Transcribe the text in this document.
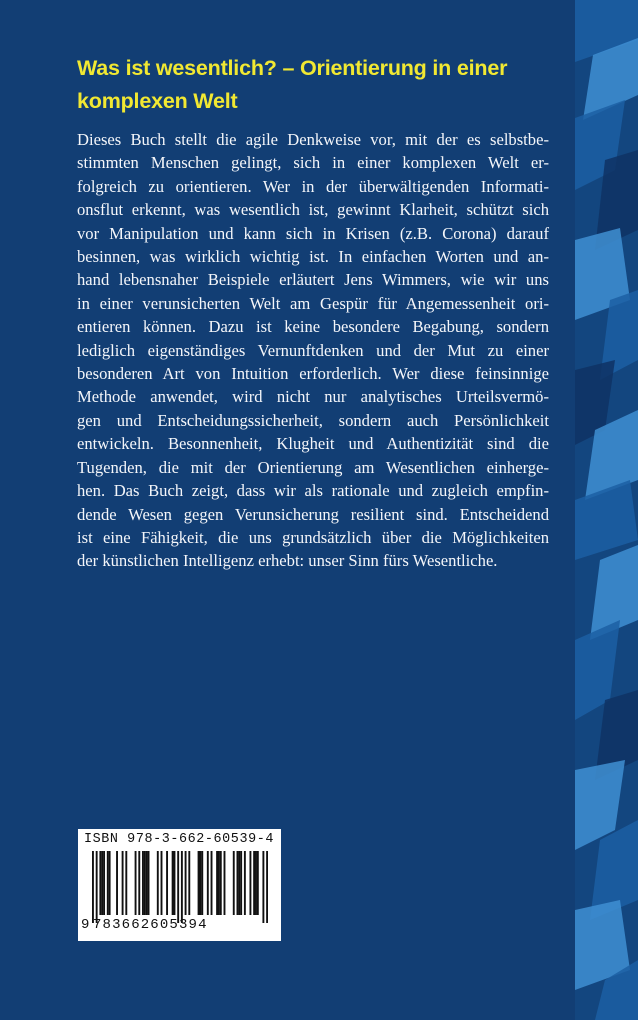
Was ist wesentlich? – Orientierung in einer
komplexen Welt
Dieses Buch stellt die agile Denkweise vor, mit der es selbstbe-
stimmten Menschen gelingt, sich in einer komplexen Welt er-
folgreich zu orientieren. Wer in der überwältigenden Informati-
onsflut erkennt, was wesentlich ist, gewinnt Klarheit, schützt sich
vor Manipulation und kann sich in Krisen (z.B. Corona) darauf
besinnen, was wirklich wichtig ist. In einfachen Worten und an-
hand lebensnaher Beispiele erläutert Jens Wimmers, wie wir uns
in einer verunsicherten Welt am Gespür für Angemessenheit ori-
entieren können. Dazu ist keine besondere Begabung, sondern
lediglich eigenständiges Vernunftdenken und der Mut zu einer
besonderen Art von Intuition erforderlich. Wer diese feinsinnige
Methode anwendet, wird nicht nur analytisches Urteilsvermö-
gen und Entscheidungssicherheit, sondern auch Persönlichkeit
entwickeln. Besonnenheit, Klugheit und Authentizität sind die
Tugenden, die mit der Orientierung am Wesentlichen einherge-
hen. Das Buch zeigt, dass wir als rationale und zugleich empfin-
dende Wesen gegen Verunsicherung resilient sind. Entscheidend
ist eine Fähigkeit, die uns grundsätzlich über die Möglichkeiten
der künstlichen Intelligenz erhebt: unser Sinn fürs Wesentliche.
ISBN 978-3-662-60539-4
9 783662605394
